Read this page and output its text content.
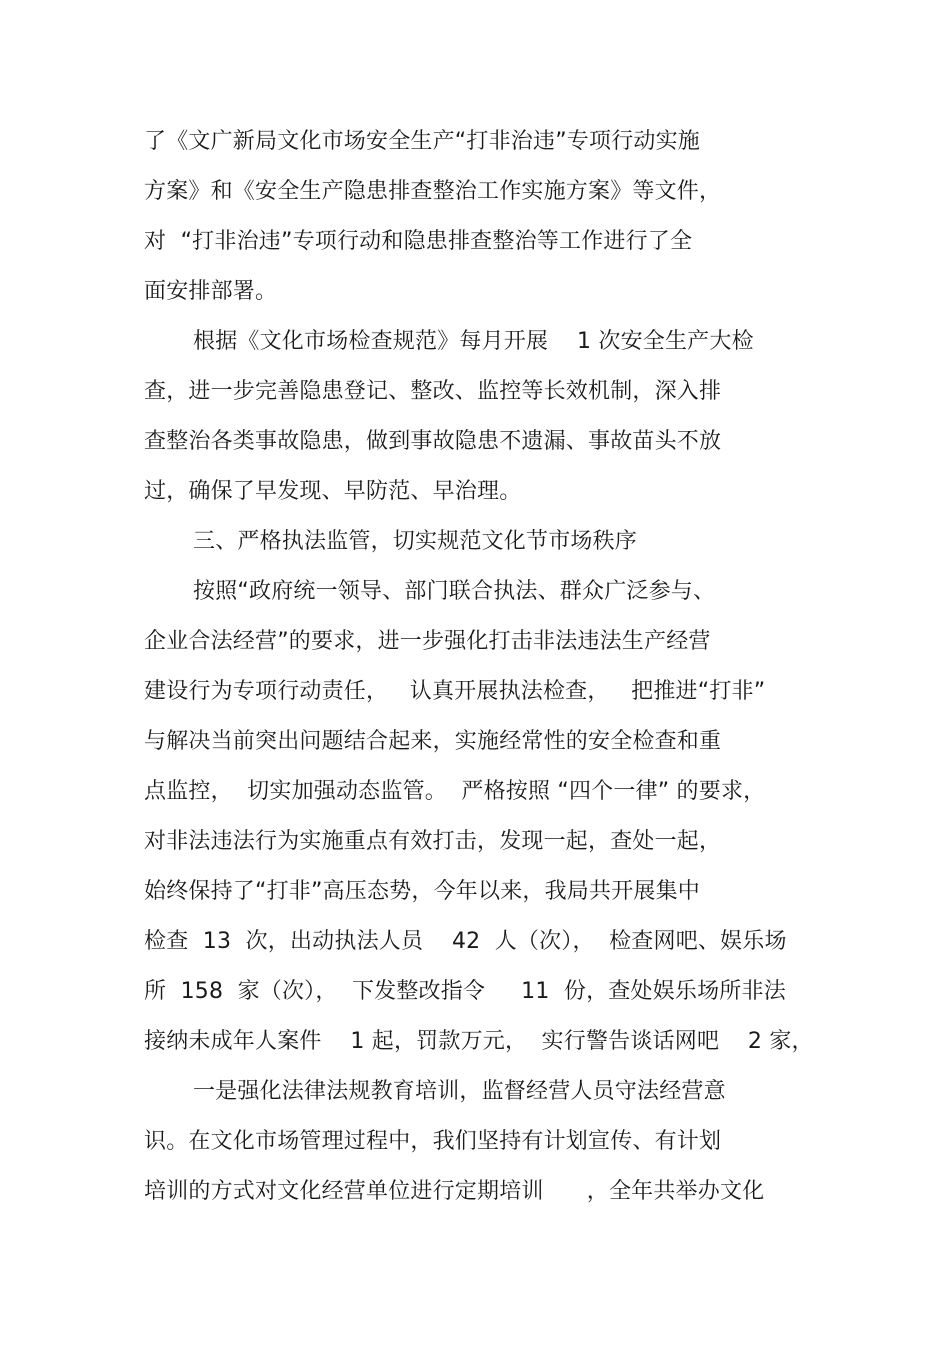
了《文广新局文化市场安全生产“打非治违”专项行动实施
方案》和《安全生产隐患排查整治工作实施方案》等文件，
对  “打非治违”专项行动和隐患排查整治等工作进行了全
面安排部署。
根据《文化市场检查规范》每月开展    1 次安全生产大检
查，进一步完善隐患登记、整改、监控等长效机制，深入排
查整治各类事故隐患，做到事故隐患不遗漏、事故苗头不放
过，确保了早发现、早防范、早治理。
三、严格执法监管，切实规范文化节市场秩序
按照“政府统一领导、部门联合执法、群众广泛参与、
企业合法经营”的要求，进一步强化打击非法违法生产经营
建设行为专项行动责任，   认真开展执法检查，   把推进“打非”
与解决当前突出问题结合起来，实施经常性的安全检查和重
点监控，  切实加强动态监管。  严格按照 “四个一律” 的要求，
对非法违法行为实施重点有效打击，发现一起，查处一起，
始终保持了“打非”高压态势，今年以来，我局共开展集中
检查  13  次，出动执法人员    42  人（次），  检查网吧、娱乐场
所  158  家（次），  下发整改指令     11  份，查处娱乐场所非法
接纳未成年人案件    1 起，罚款万元，  实行警告谈话网吧    2 家，
一是强化法律法规教育培训，监督经营人员守法经营意
识。在文化市场管理过程中，我们坚持有计划宣传、有计划
培训的方式对文化经营单位进行定期培训      ，全年共举办文化
